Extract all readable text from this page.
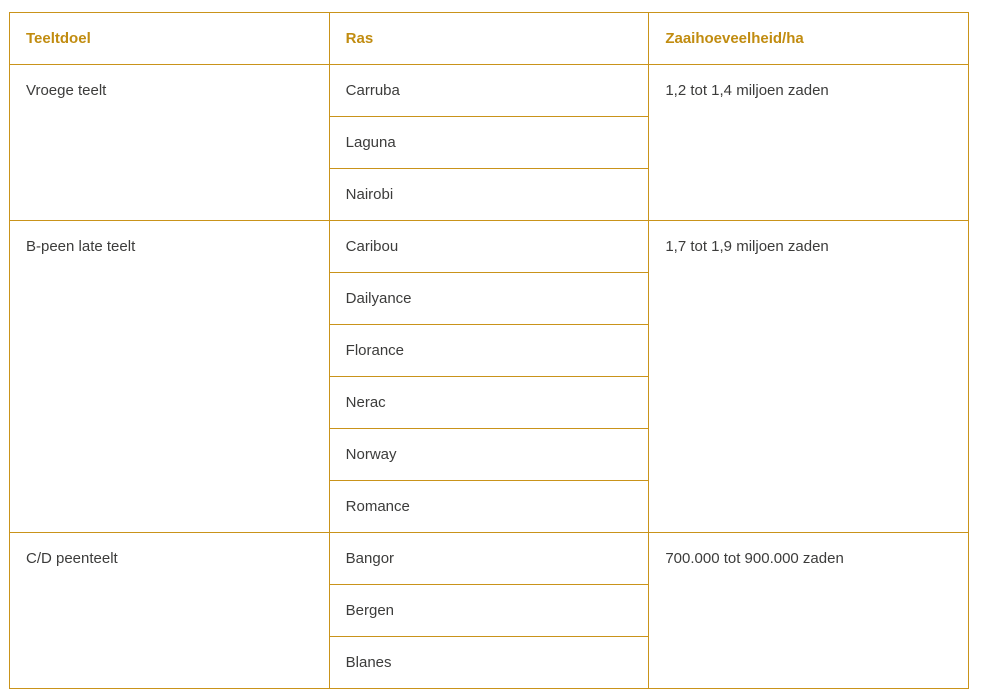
Teeltdoel	Ras	Zaaihoeveelheid/ha
Vroege teelt	Carruba	1,2 tot 1,4 miljoen zaden
	Laguna	
	Nairobi	
B-peen late teelt	Caribou	1,7 tot 1,9 miljoen zaden
	Dailyance	
	Florance	
	Nerac	
	Norway	
	Romance	
C/D peenteelt	Bangor	700.000 tot 900.000 zaden
	Bergen	
	Blanes	
